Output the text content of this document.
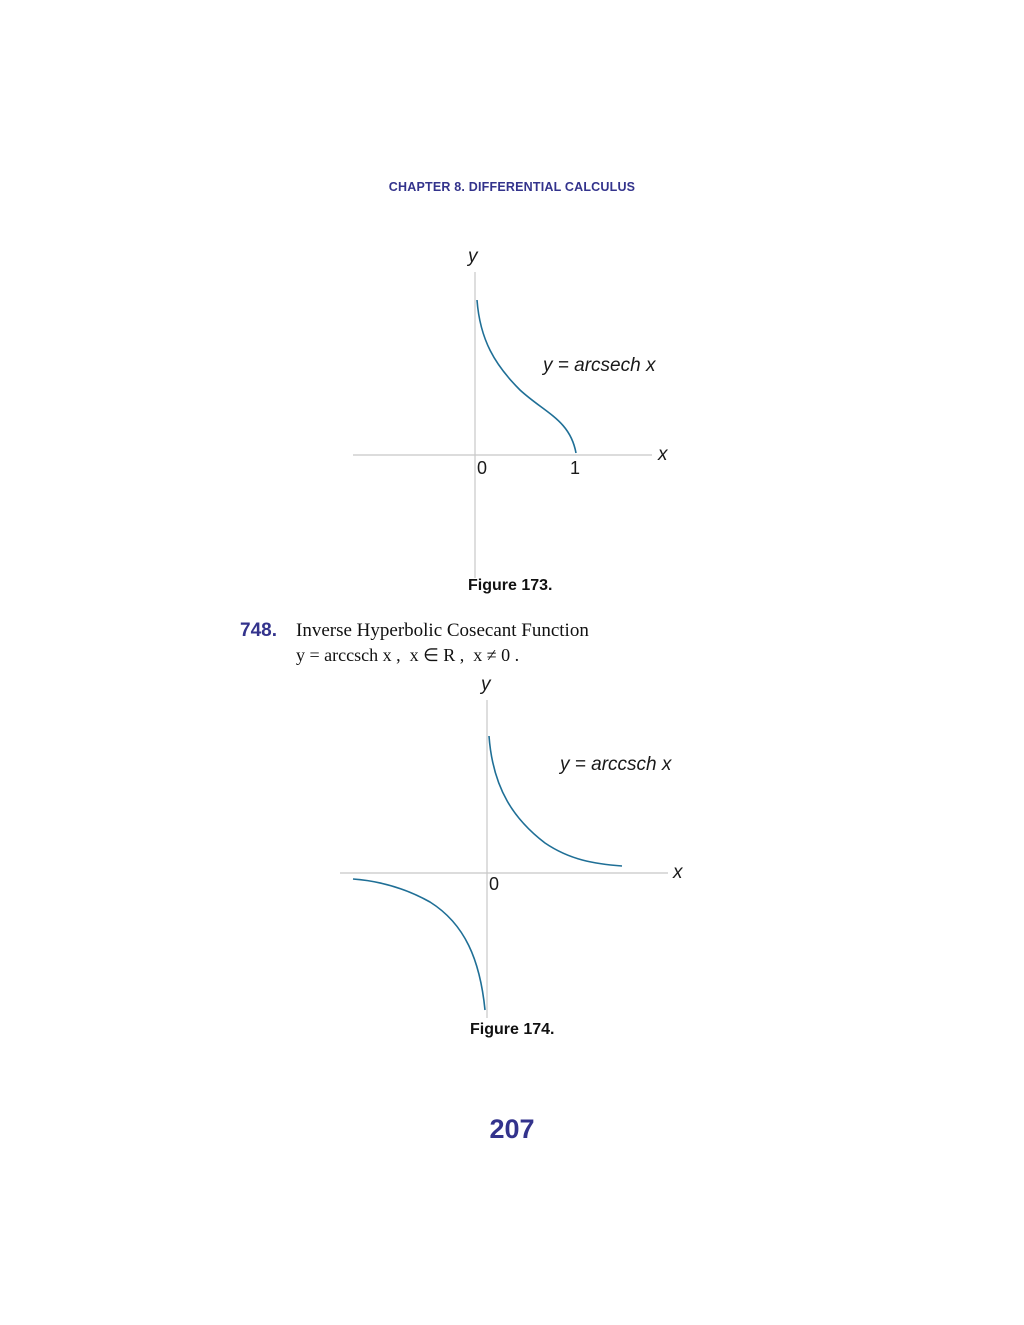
CHAPTER 8. DIFFERENTIAL CALCULUS
y
x
0	1
y = arcsech x
Figure 173.
748. Inverse Hyperbolic Cosecant Function
y = arccsch x ,  x ∈ R ,  x ≠ 0 .
y
x
0
y = arccsch x
Figure 174.
207
